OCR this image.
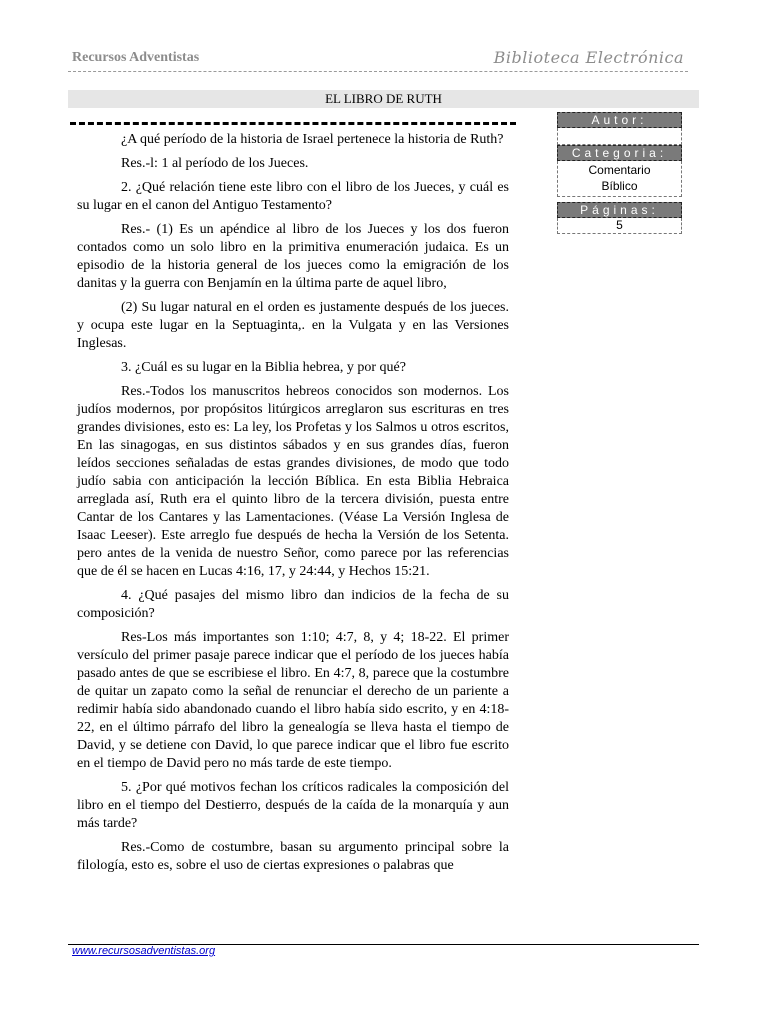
Recursos Adventistas	Biblioteca Electrónica
EL LIBRO DE RUTH

¿A qué período de la historia de Israel pertenece la historia de Ruth?

Res.-l: 1 al período de los Jueces.

2. ¿Qué relación tiene este libro con el libro de los Jueces, y cuál es su lugar en el canon del Antiguo Testamento?

Res.- (1) Es un apéndice al libro de los Jueces y los dos fueron contados como un solo libro en la primitiva enumeración judaica. Es un episodio de la historia general de los jueces como la emigración de los danitas y la guerra con Benjamín en la última parte de aquel libro,

(2) Su lugar natural en el orden es justamente después de los jueces. y ocupa este lugar en la Septuaginta,. en la Vulgata y en las Versiones Inglesas.

3. ¿Cuál es su lugar en la Biblia hebrea, y por qué?

Res.-Todos los manuscritos hebreos conocidos son modernos. Los judíos modernos, por propósitos litúrgicos arreglaron sus escrituras en tres grandes divisiones, esto es: La ley, los Profetas y los Salmos u otros escritos, En las sinagogas, en sus distintos sábados y en sus grandes días, fueron leídos secciones señaladas de estas grandes divisiones, de modo que todo judío sabia con anticipación la lección Bíblica. En esta Biblia Hebraica arreglada así, Ruth era el quinto libro de la tercera división, puesta entre Cantar de los Cantares y las Lamentaciones. (Véase La Versión Inglesa de Isaac Leeser). Este arreglo fue después de hecha la Versión de los Setenta. pero antes de la venida de nuestro Señor, como parece por las referencias que de él se hacen en Lucas 4:16, 17, y 24:44, y Hechos 15:21.

4. ¿Qué pasajes del mismo libro dan indicios de la fecha de su composición?

Res-Los más importantes son 1:10; 4:7, 8, y 4; 18-22. El primer versículo del primer pasaje parece indicar que el período de los jueces había pasado antes de que se escribiese el libro. En 4:7, 8, parece que la costumbre de quitar un zapato como la señal de renunciar el derecho de un pariente a redimir había sido abandonado cuando el libro había sido escrito, y en 4:18-22, en el último párrafo del libro la genealogía se lleva hasta el tiempo de David, y se detiene con David, lo que parece indicar que el libro fue escrito en el tiempo de David pero no más tarde de este tiempo.

5. ¿Por qué motivos fechan los críticos radicales la composición del libro en el tiempo del Destierro, después de la caída de la monarquía y aun más tarde?

Res.-Como de costumbre, basan su argumento principal sobre la filología, esto es, sobre el uso de ciertas expresiones o palabras que

Autor:
Categoria:
Comentario
Bíblico
Páginas:
5
www.recursosadventistas.org
